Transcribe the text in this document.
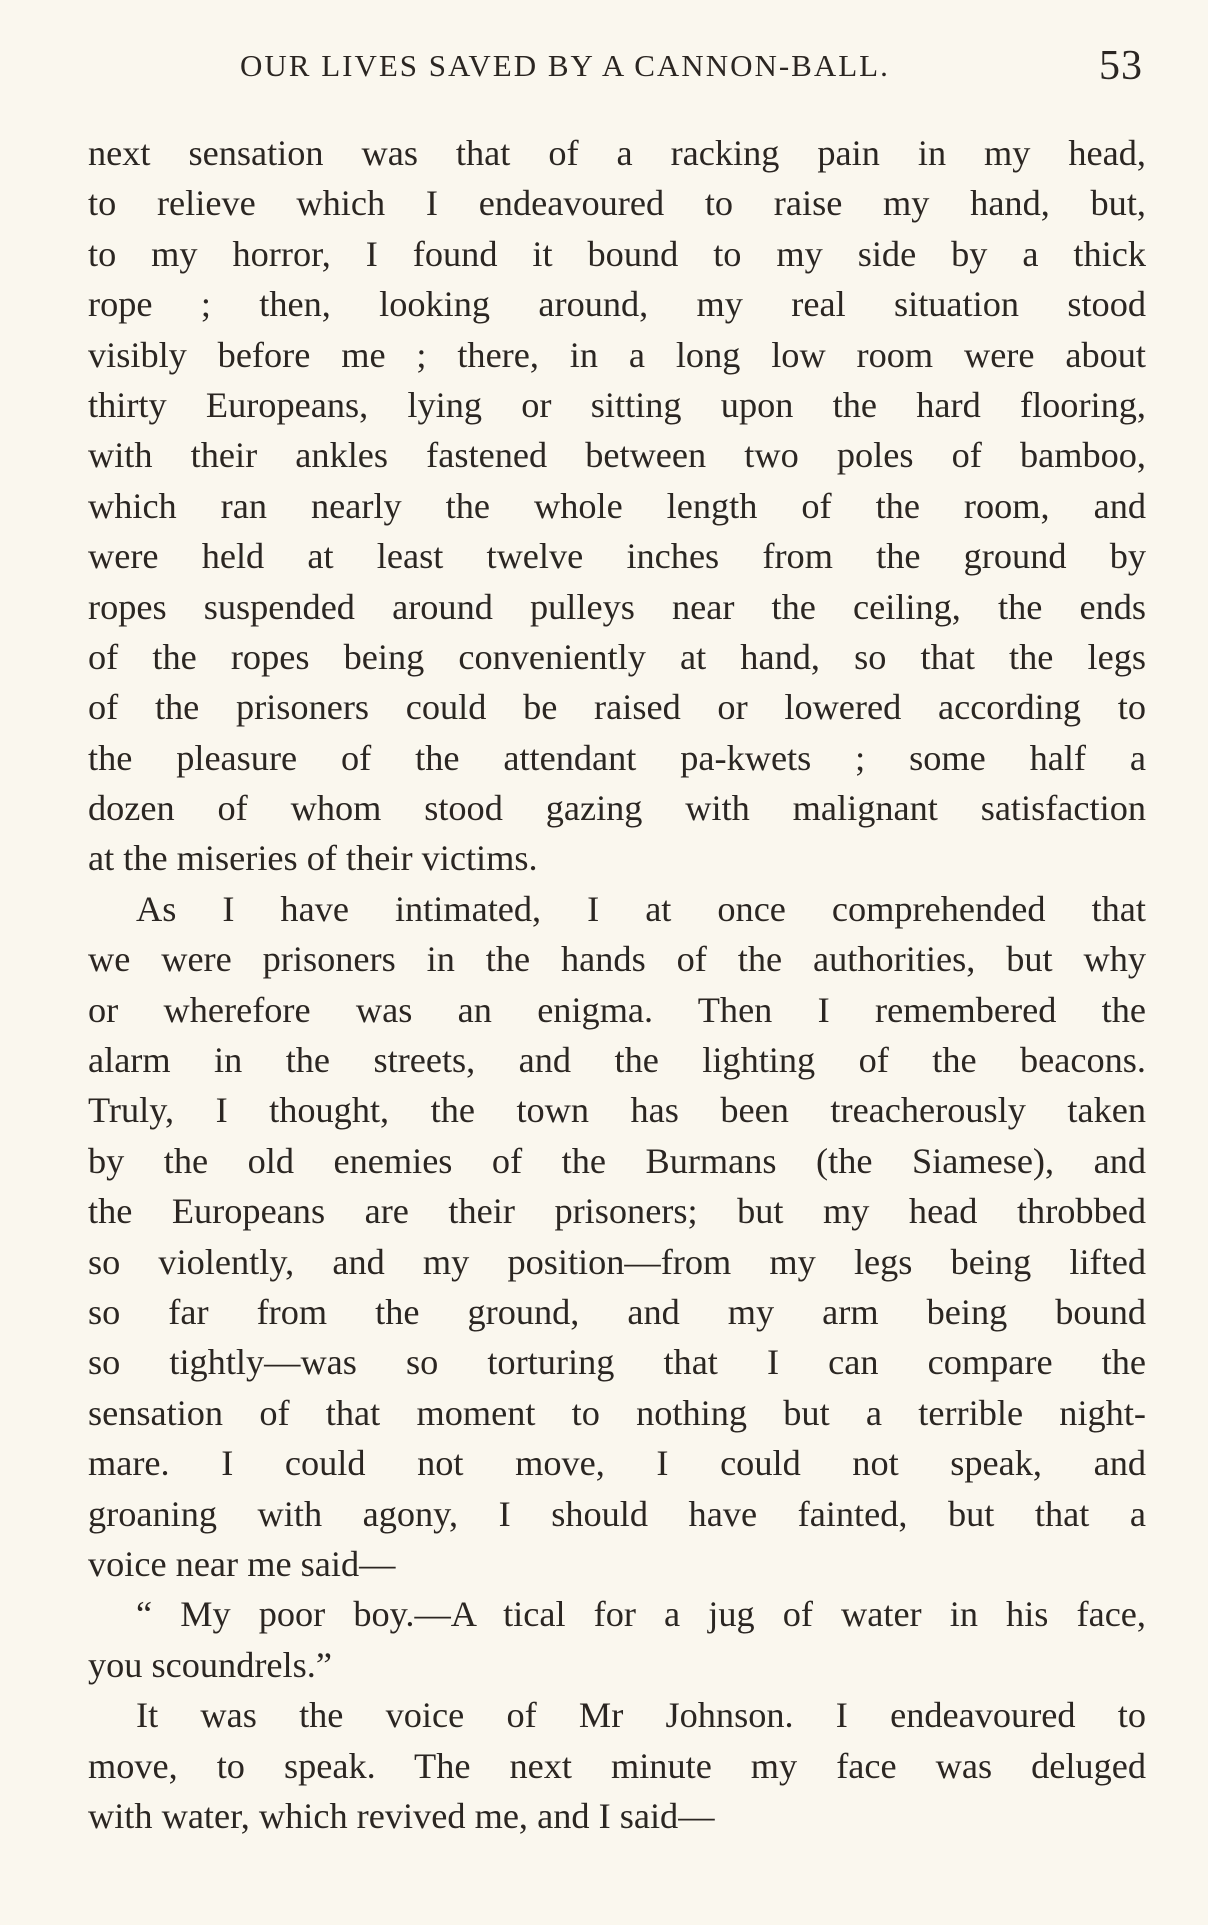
OUR LIVES SAVED BY A CANNON-BALL.	53
next sensation was that of a racking pain in my head,
to relieve which I endeavoured to raise my hand, but,
to my horror, I found it bound to my side by a thick
rope ; then, looking around, my real situation stood
visibly before me ; there, in a long low room were about
thirty Europeans, lying or sitting upon the hard flooring,
with their ankles fastened between two poles of bamboo,
which ran nearly the whole length of the room, and
were held at least twelve inches from the ground by
ropes suspended around pulleys near the ceiling, the ends
of the ropes being conveniently at hand, so that the legs
of the prisoners could be raised or lowered according to
the pleasure of the attendant pa-kwets ; some half a
dozen of whom stood gazing with malignant satisfaction
at the miseries of their victims.
As I have intimated, I at once comprehended that
we were prisoners in the hands of the authorities, but why
or wherefore was an enigma. Then I remembered the
alarm in the streets, and the lighting of the beacons.
Truly, I thought, the town has been treacherously taken
by the old enemies of the Burmans (the Siamese), and
the Europeans are their prisoners; but my head throbbed
so violently, and my position—from my legs being lifted
so far from the ground, and my arm being bound
so tightly—was so torturing that I can compare the
sensation of that moment to nothing but a terrible night-
mare. I could not move, I could not speak, and
groaning with agony, I should have fainted, but that a
voice near me said—
“ My poor boy.—A tical for a jug of water in his face,
you scoundrels.”
It was the voice of Mr Johnson. I endeavoured to
move, to speak. The next minute my face was deluged
with water, which revived me, and I said—
